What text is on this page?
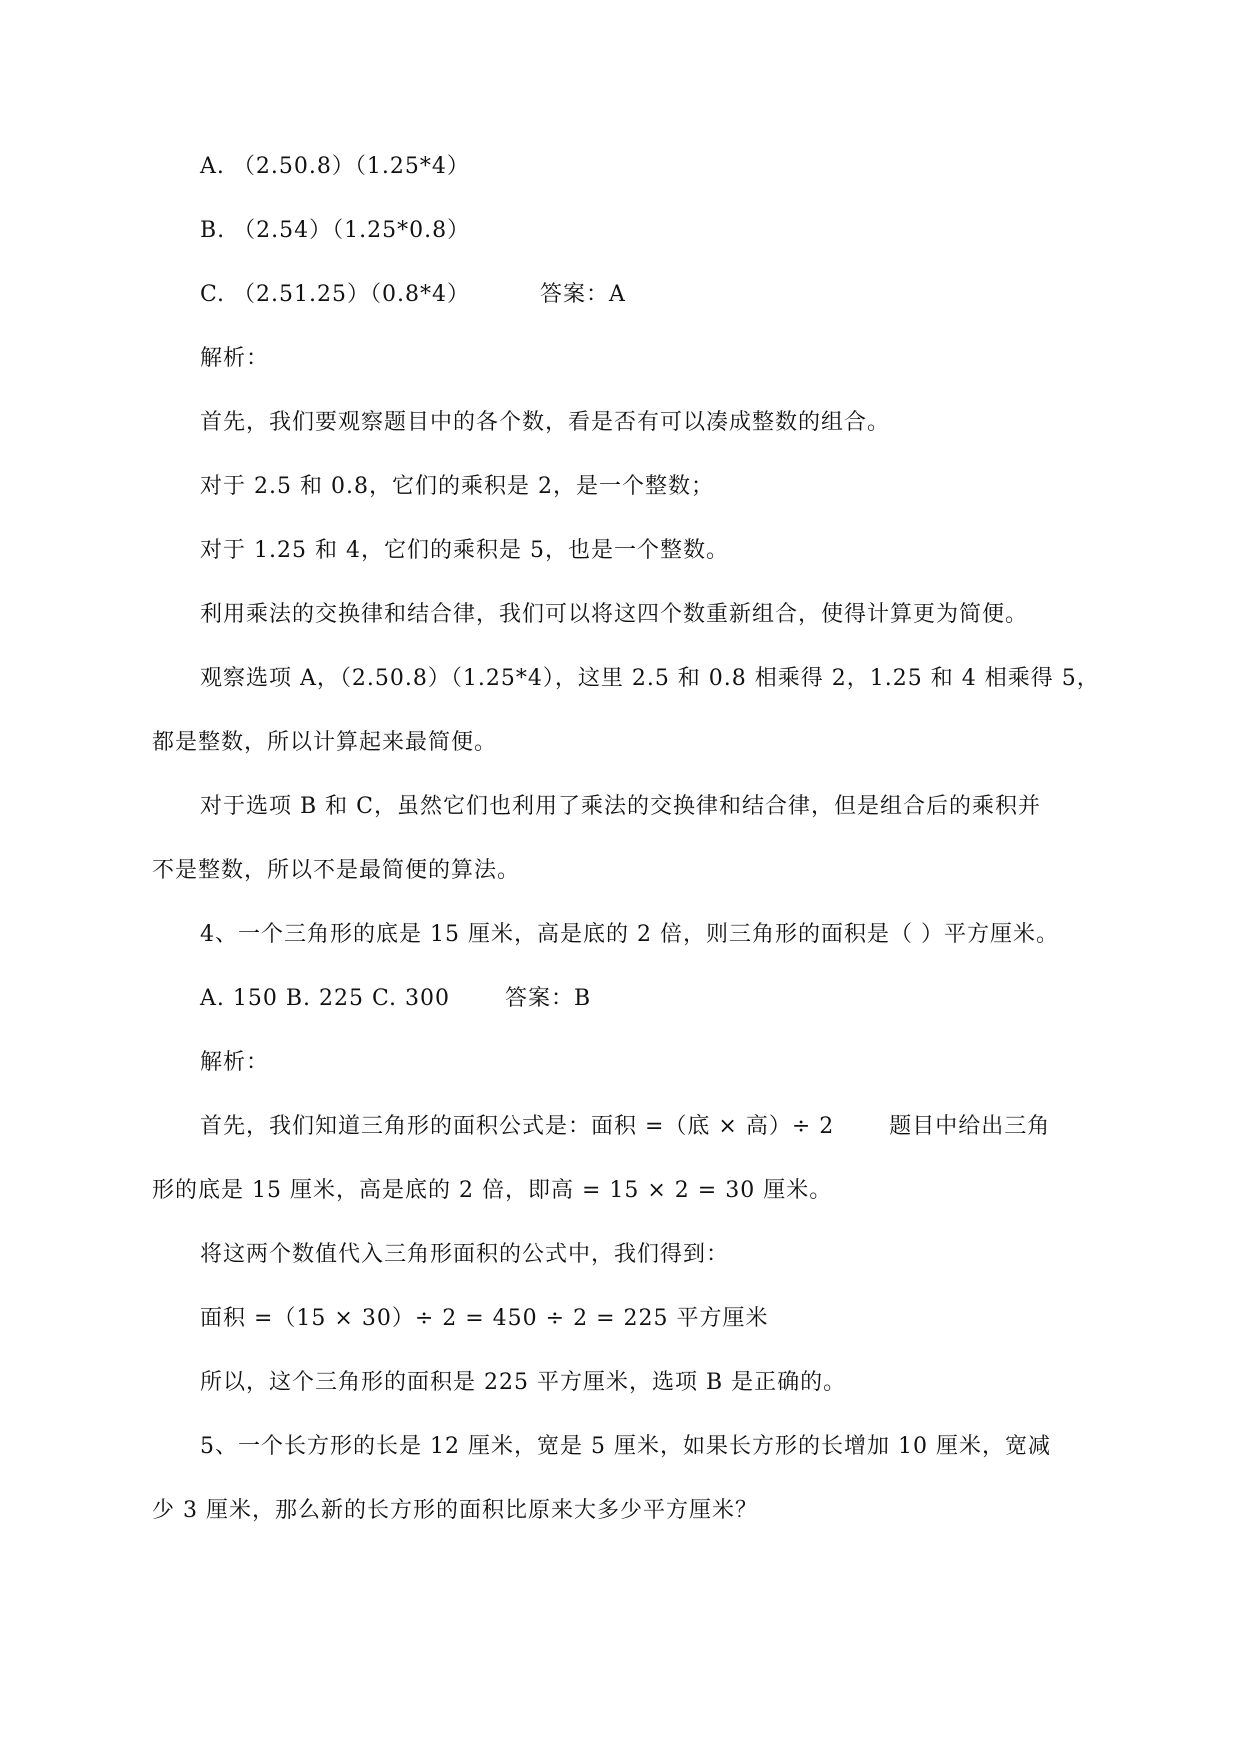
A. （2.50.8）（1.25*4）
B. （2.54）（1.25*0.8）
C. （2.51.25）（0.8*4）	答案：A
解析：
首先，我们要观察题目中的各个数，看是否有可以凑成整数的组合。
对于 2.5 和 0.8，它们的乘积是 2，是一个整数；
对于 1.25 和 4，它们的乘积是 5，也是一个整数。
利用乘法的交换律和结合律，我们可以将这四个数重新组合，使得计算更为简便。
观察选项 A，（2.50.8）（1.25*4），这里 2.5 和 0.8 相乘得 2，1.25 和 4 相乘得 5，
都是整数，所以计算起来最简便。
对于选项 B 和 C，虽然它们也利用了乘法的交换律和结合律，但是组合后的乘积并
不是整数，所以不是最简便的算法。
4、一个三角形的底是 15 厘米，高是底的 2 倍，则三角形的面积是（ ）平方厘米。
A. 150 B. 225 C. 300	答案：B
解析：
首先，我们知道三角形的面积公式是：面积 =（底 × 高）÷ 2	题目中给出三角
形的底是 15 厘米，高是底的 2 倍，即高 = 15 × 2 = 30 厘米。
将这两个数值代入三角形面积的公式中，我们得到：
面积 =（15 × 30）÷ 2 = 450 ÷ 2 = 225 平方厘米
所以，这个三角形的面积是 225 平方厘米，选项 B 是正确的。
5、一个长方形的长是 12 厘米，宽是 5 厘米，如果长方形的长增加 10 厘米，宽减
少 3 厘米，那么新的长方形的面积比原来大多少平方厘米？
